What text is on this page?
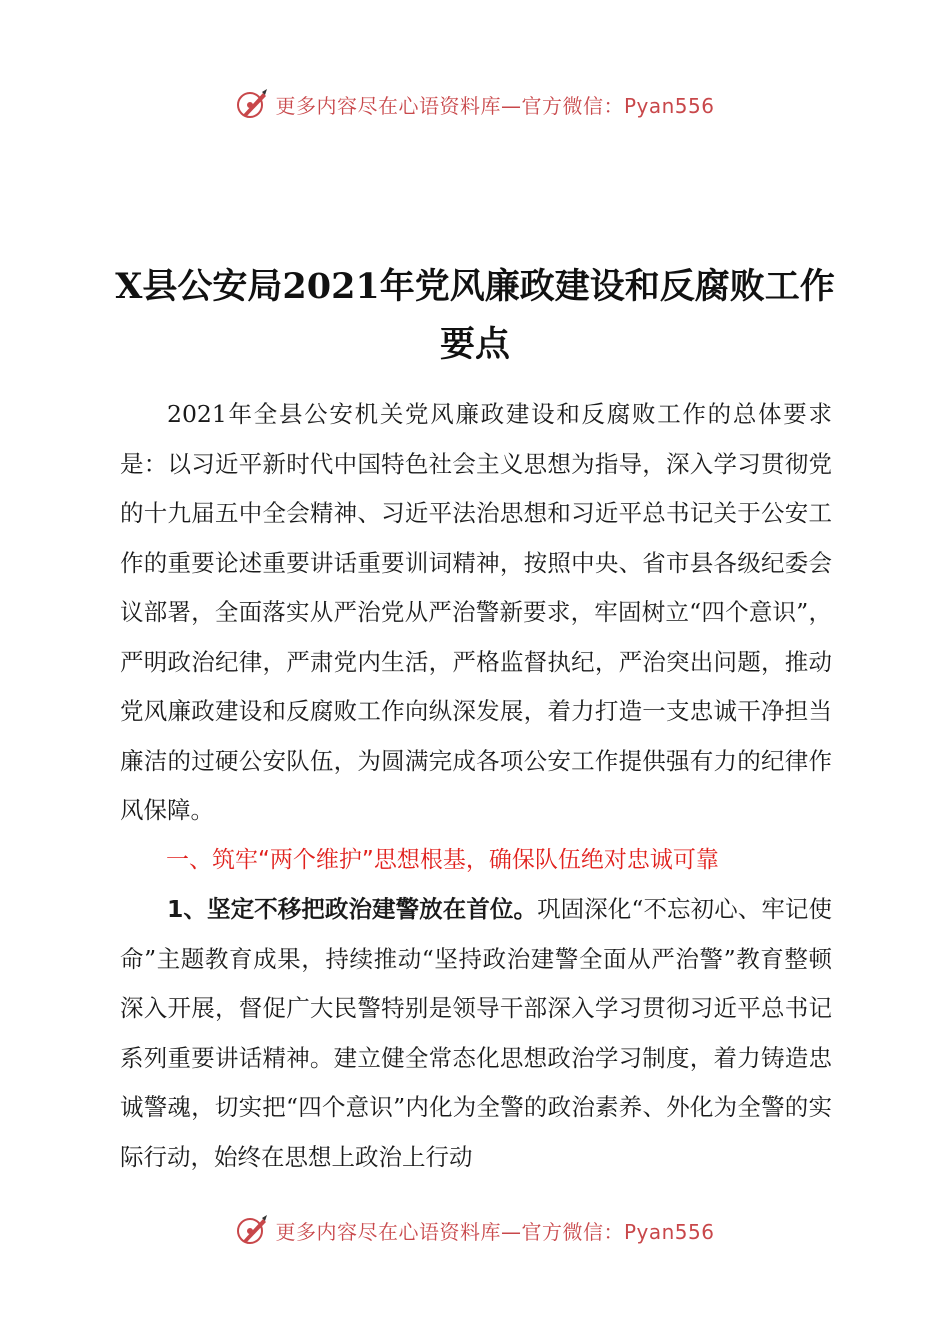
更多内容尽在心语资料库—官方微信：Pyan556
X县公安局2021年党风廉政建设和反腐败工作
要点

2021年全县公安机关党风廉政建设和反腐败工作的总体要求是：以习近平新时代中国特色社会主义思想为指导，深入学习贯彻党的十九届五中全会精神、习近平法治思想和习近平总书记关于公安工作的重要论述重要讲话重要训词精神，按照中央、省市县各级纪委会议部署，全面落实从严治党从严治警新要求，牢固树立“四个意识”，严明政治纪律，严肃党内生活，严格监督执纪，严治突出问题，推动党风廉政建设和反腐败工作向纵深发展，着力打造一支忠诚干净担当廉洁的过硬公安队伍，为圆满完成各项公安工作提供强有力的纪律作风保障。

一、筑牢“两个维护”思想根基，确保队伍绝对忠诚可靠

1、坚定不移把政治建警放在首位。巩固深化“不忘初心、牢记使命”主题教育成果，持续推动“坚持政治建警全面从严治警”教育整顿深入开展，督促广大民警特别是领导干部深入学习贯彻习近平总书记系列重要讲话精神。建立健全常态化思想政治学习制度，着力铸造忠诚警魂，切实把“四个意识”内化为全警的政治素养、外化为全警的实际行动，始终在思想上政治上行动

更多内容尽在心语资料库—官方微信：Pyan556
